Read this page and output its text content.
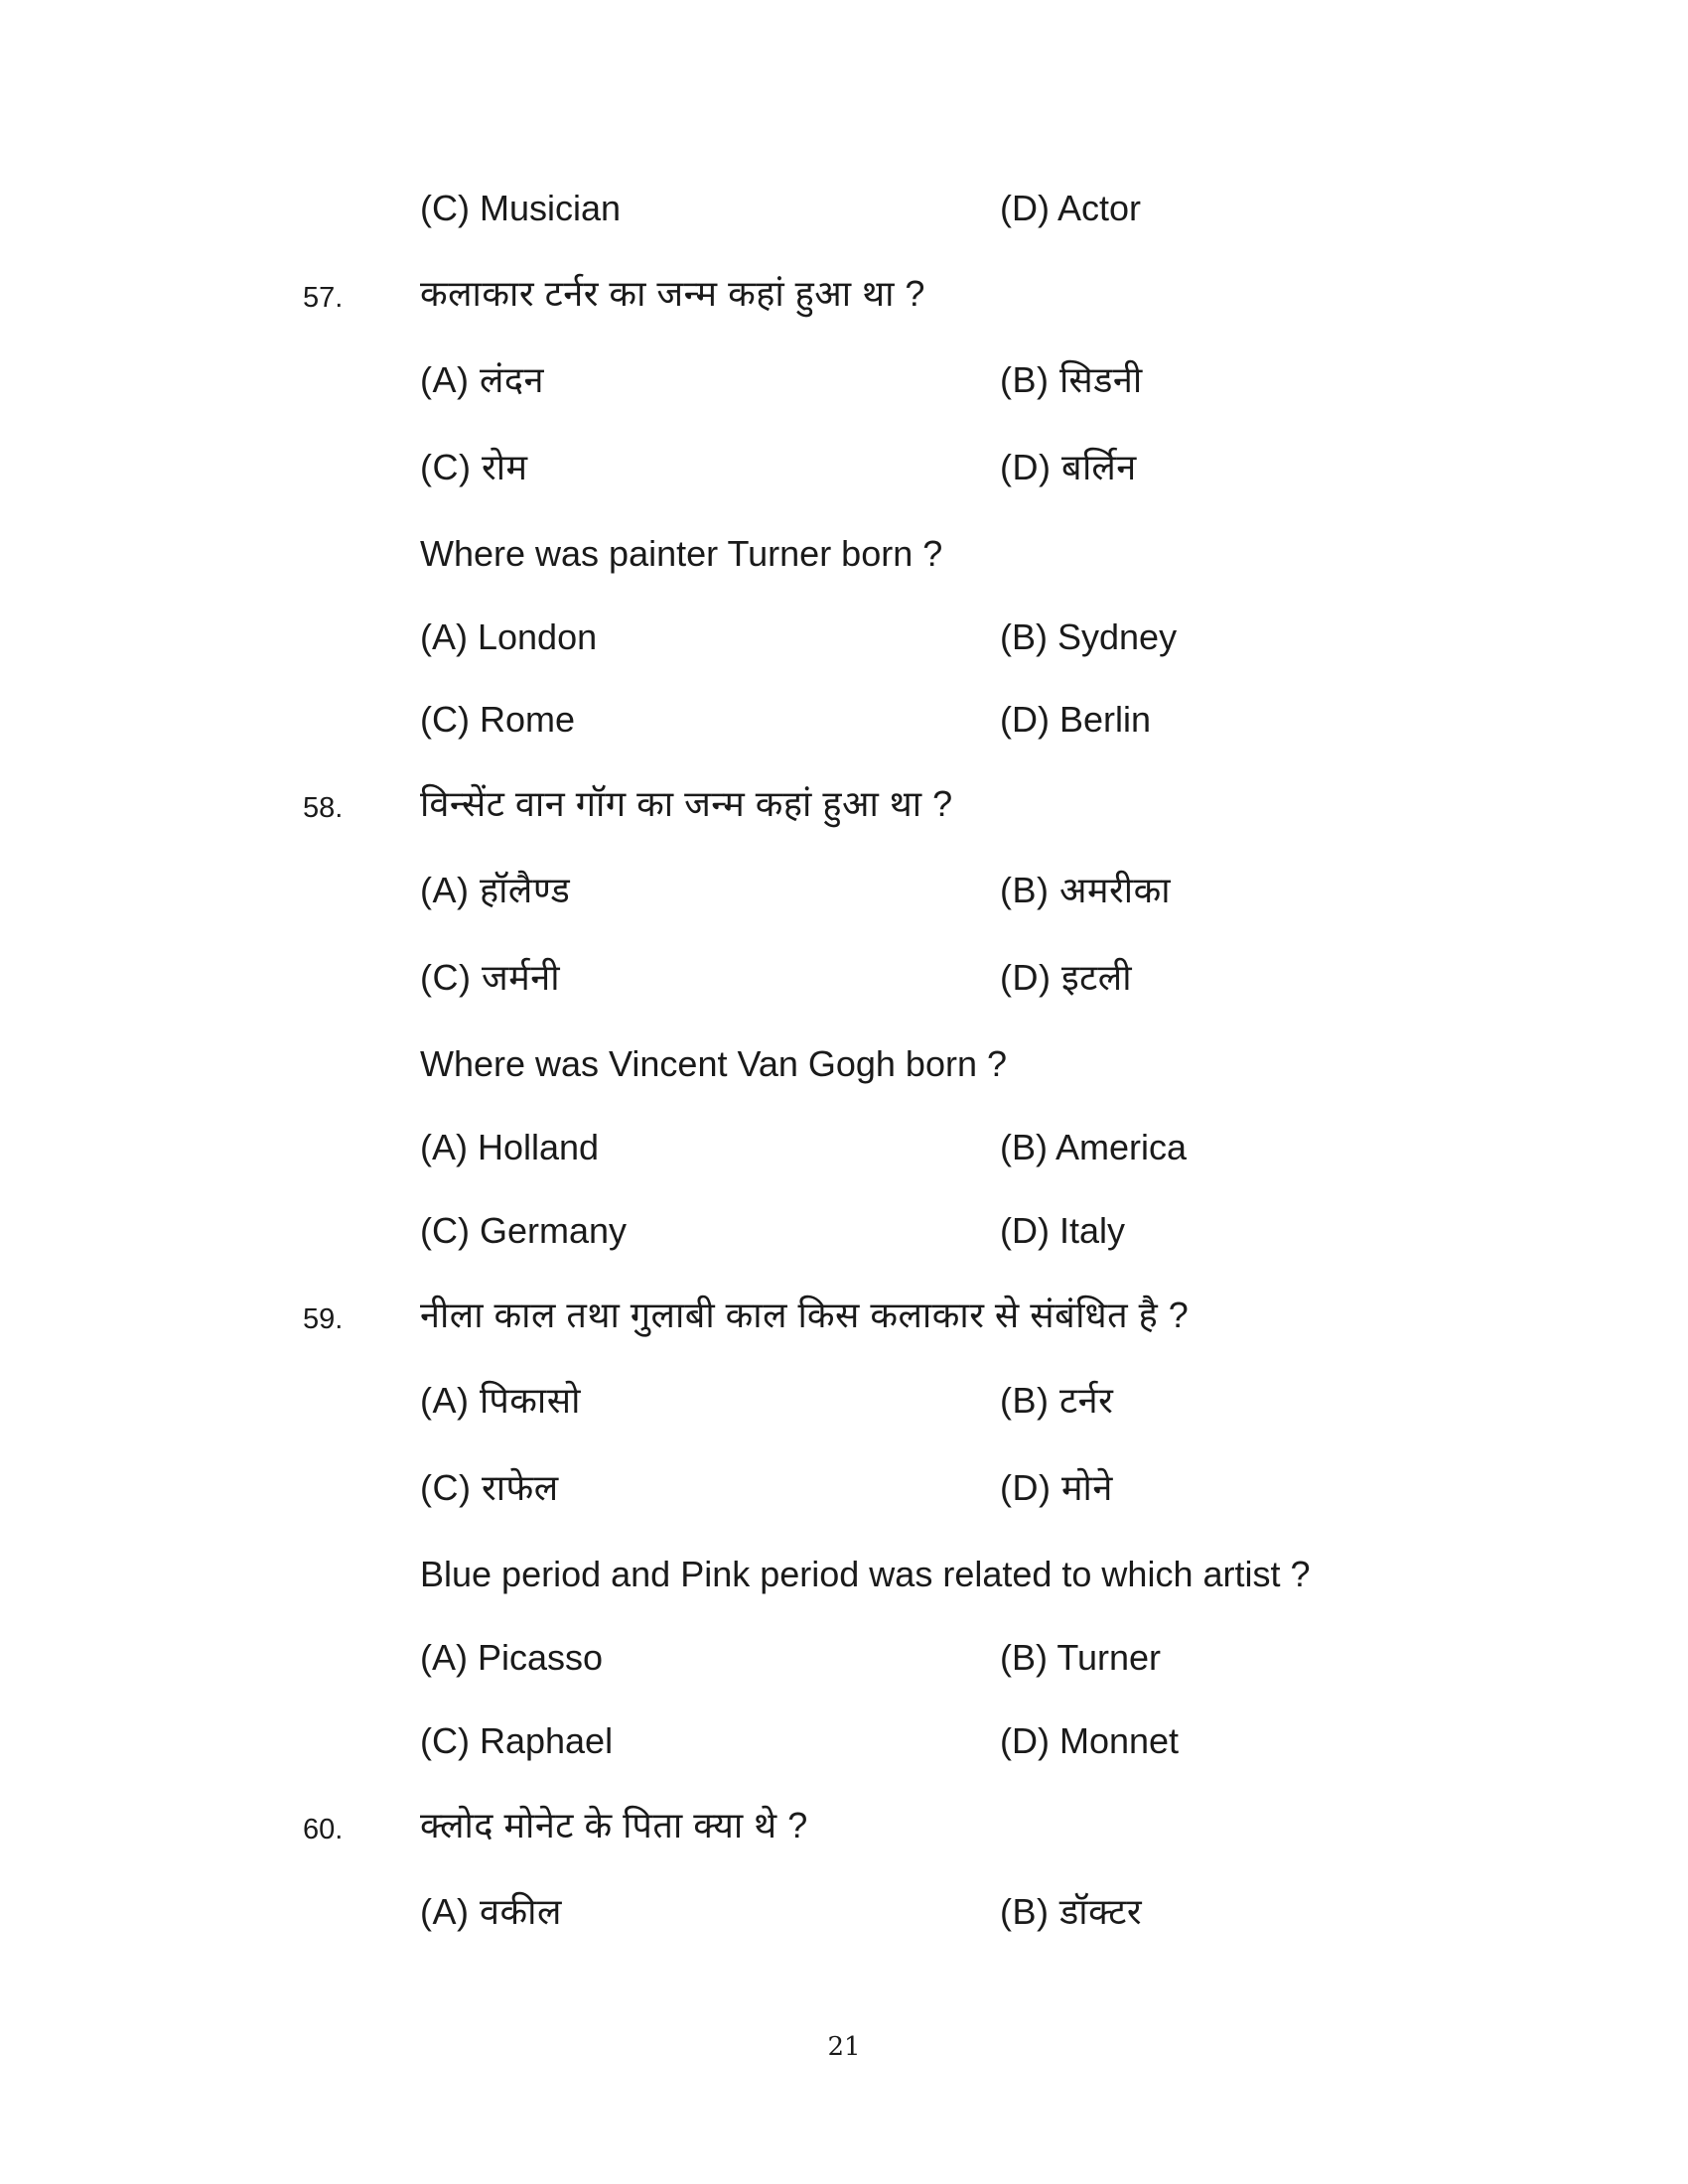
(C) Musician	(D) Actor
57. कलाकार टर्नर का जन्म कहां हुआ था ?
(A) लंदन	(B) सिडनी
(C) रोम	(D) बर्लिन
Where was painter Turner born ?
(A) London	(B) Sydney
(C) Rome	(D) Berlin
58. विन्सेंट वान गॉग का जन्म कहां हुआ था ?
(A) हॉलैण्ड	(B) अमरीका
(C) जर्मनी	(D) इटली
Where was Vincent Van Gogh born ?
(A) Holland	(B) America
(C) Germany	(D) Italy
59. नीला काल तथा गुलाबी काल किस कलाकार से संबंधित है ?
(A) पिकासो	(B) टर्नर
(C) राफेल	(D) मोने
Blue period and Pink period was related to which artist ?
(A) Picasso	(B) Turner
(C) Raphael	(D) Monnet
60. क्लोद मोनेट के पिता क्या थे ?
(A) वकील	(B) डॉक्टर
21
